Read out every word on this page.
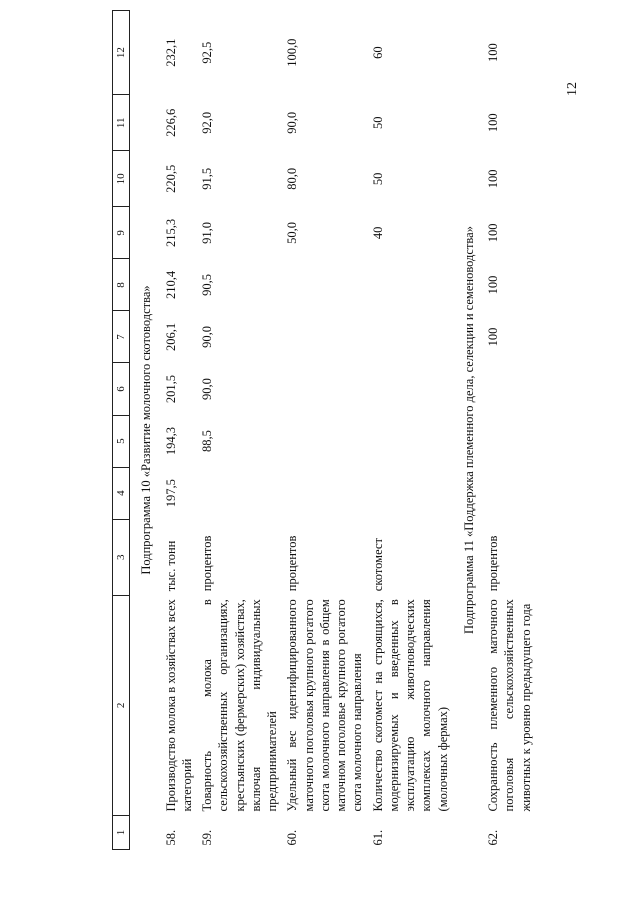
12
1	2	3	4	5	6	7	8	9	10	11	12
Подпрограмма 10 «Развитие молочного скотоводства»											
58.	Производство молока в хозяйствах всех категорий	тыс. тонн	197,5	194,3	201,5	206,1	210,4	215,3	220,5	226,6	232,1
59.	Товарность молока в сельскохозяйственных организациях, крестьянских (фермерских) хозяйствах, включая индивидуальных предпринимателей	процентов		88,5	90,0	90,0	90,5	91,0	91,5	92,0	92,5
60.	Удельный вес идентифицированного маточного поголовья крупного рогатого скота молочного направления в общем маточном поголовье крупного рогатого скота молочного направления	процентов						50,0	80,0	90,0	100,0
61.	Количество скотомест на строящихся, модернизируемых и введенных в эксплуатацию животноводческих комплексах молочного направления (молочных фермах)	скотомест						40	50	50	60
Подпрограмма 11 «Поддержка племенного дела, селекции и семеноводства»											
62.	Сохранность племенного маточного поголовья сельскохозяйственных животных к уровню предыдущего года	процентов				100	100	100	100	100	100
